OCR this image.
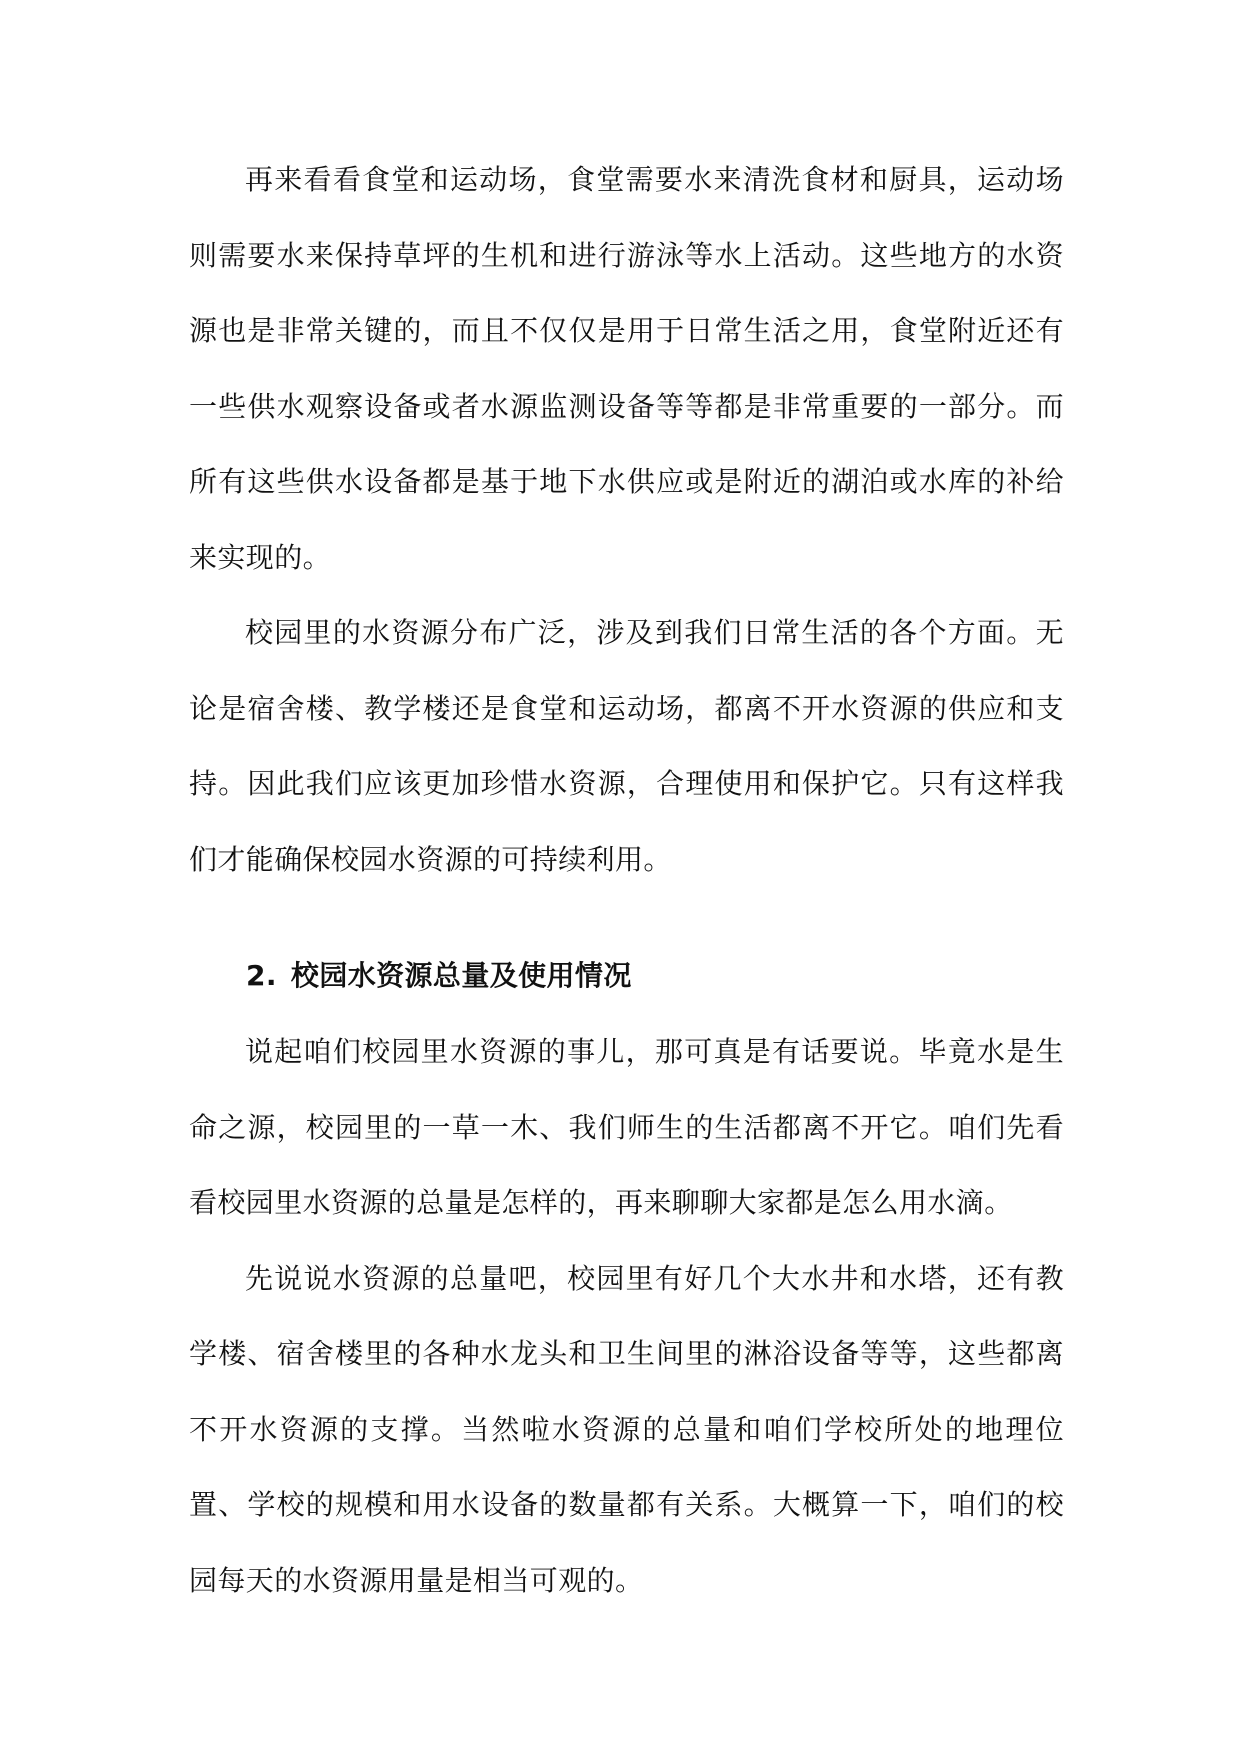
再来看看食堂和运动场，食堂需要水来清洗食材和厨具，运动场则需要水来保持草坪的生机和进行游泳等水上活动。这些地方的水资源也是非常关键的，而且不仅仅是用于日常生活之用，食堂附近还有一些供水观察设备或者水源监测设备等等都是非常重要的一部分。而所有这些供水设备都是基于地下水供应或是附近的湖泊或水库的补给来实现的。

校园里的水资源分布广泛，涉及到我们日常生活的各个方面。无论是宿舍楼、教学楼还是食堂和运动场，都离不开水资源的供应和支持。因此我们应该更加珍惜水资源，合理使用和保护它。只有这样我们才能确保校园水资源的可持续利用。

2. 校园水资源总量及使用情况

说起咱们校园里水资源的事儿，那可真是有话要说。毕竟水是生命之源，校园里的一草一木、我们师生的生活都离不开它。咱们先看看校园里水资源的总量是怎样的，再来聊聊大家都是怎么用水滴。

先说说水资源的总量吧，校园里有好几个大水井和水塔，还有教学楼、宿舍楼里的各种水龙头和卫生间里的淋浴设备等等，这些都离不开水资源的支撑。当然啦水资源的总量和咱们学校所处的地理位置、学校的规模和用水设备的数量都有关系。大概算一下，咱们的校园每天的水资源用量是相当可观的。
